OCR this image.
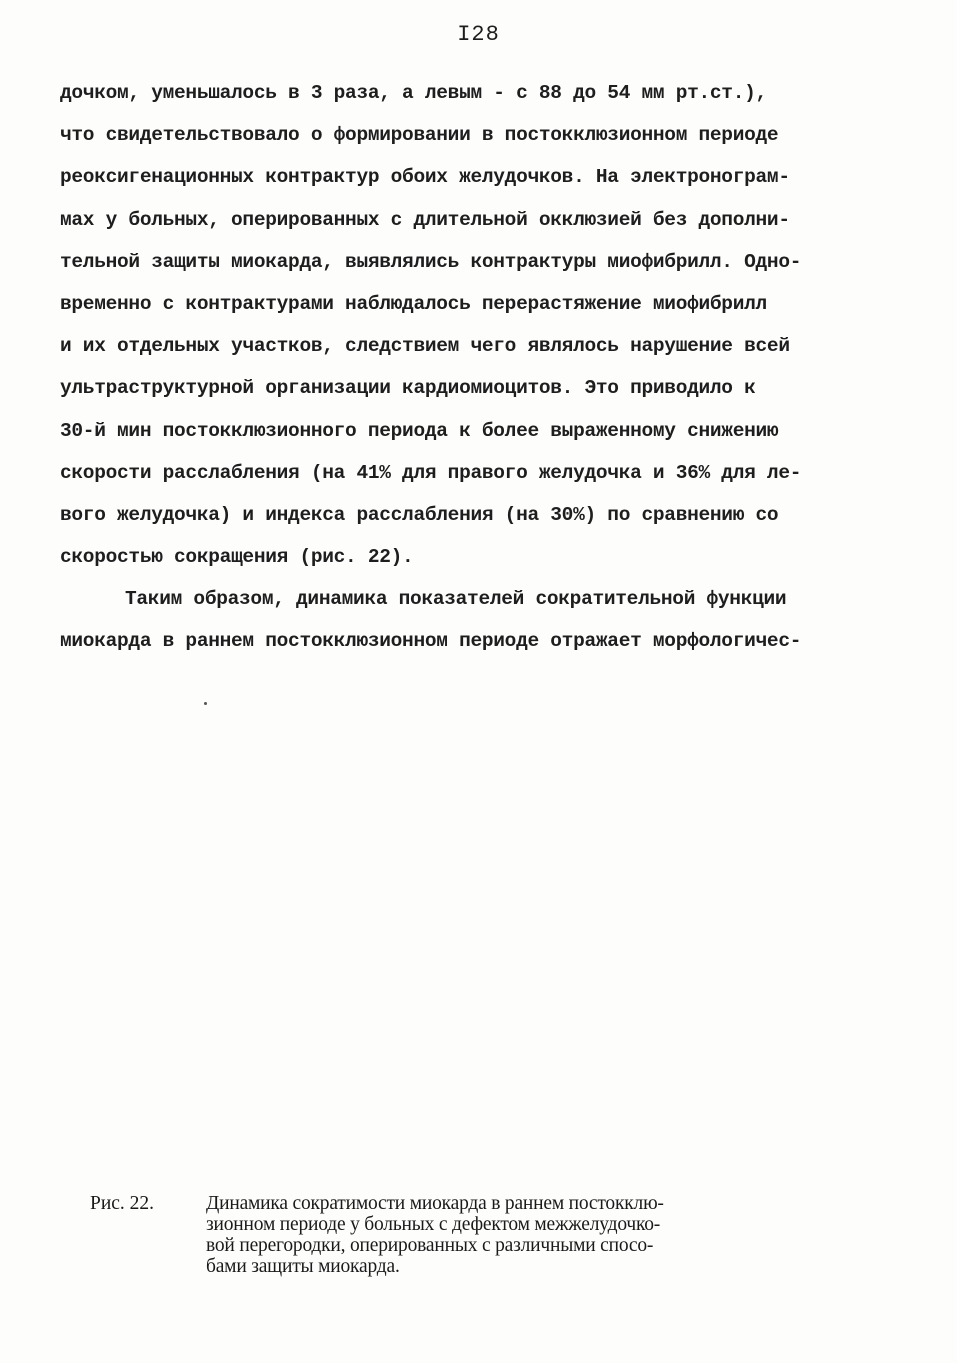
I28
дочком, уменьшалось в 3 раза, а левым - с 88 до 54 мм рт.ст.),
что свидетельствовало о формировании в постокклюзионном периоде
реоксигенационных контрактур обоих желудочков. На электронограм-
мах у больных, оперированных с длительной окклюзией без дополни-
тельной защиты миокарда, выявлялись контрактуры миофибрилл. Одно-
временно с контрактурами наблюдалось перерастяжение миофибрилл
и их отдельных участков, следствием чего являлось нарушение всей
ультраструктурной организации кардиомиоцитов. Это приводило к
30-й мин постокклюзионного периода к более выраженному снижению
скорости расслабления (на 41% для правого желудочка и 36% для ле-
вого желудочка) и индекса расслабления (на 30%) по сравнению со
скоростью сокращения (рис. 22).
Таким образом, динамика показателей сократительной функции
миокарда в раннем постокклюзионном периоде отражает морфологичес-
Рис. 22.	Динамика сократимости миокарда в раннем постокклю-
зионном периоде у больных с дефектом межжелудочко-
вой перегородки, оперированных с различными спосо-
бами защиты миокарда.
